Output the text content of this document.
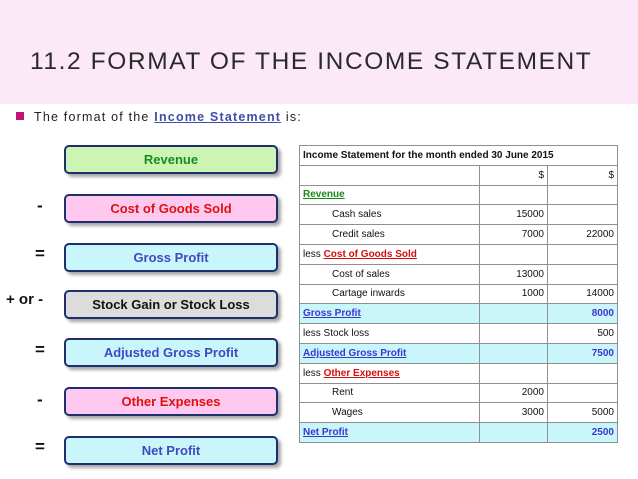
11.2 FORMAT OF THE INCOME STATEMENT
The format of the Income Statement is:
Revenue
-	Cost of Goods Sold
=	Gross Profit
+ or -	Stock Gain or Stock Loss
=	Adjusted Gross Profit
-	Other Expenses
=	Net Profit
Income Statement for the month ended 30 June 2015		
	$	$
Revenue		
Cash sales	15000	
Credit sales	7000	22000
less Cost of Goods Sold		
Cost of sales	13000	
Cartage inwards	1000	14000
Gross Profit		8000
less Stock loss		500
Adjusted Gross Profit		7500
less Other Expenses		
Rent	2000	
Wages	3000	5000
Net Profit		2500
